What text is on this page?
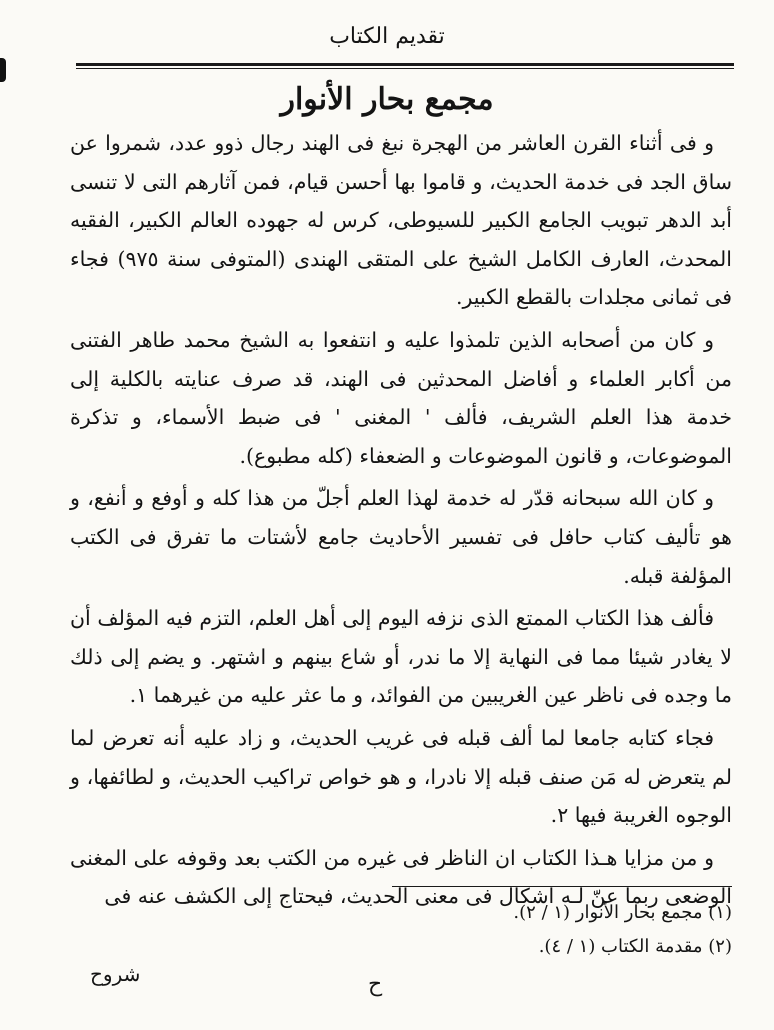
تقديم الكتاب
مجمع بحار الأنوار

و فى أثناء القرن العاشر من الهجرة نبغ فى الهند رجال ذوو عدد، شمروا عن ساق الجد فى خدمة الحديث، و قاموا بها أحسن قيام، فمن آثارهم التى لا تنسى أبد الدهر تبويب الجامع الكبير للسيوطى، كرس له جهوده العالم الكبير، الفقيه المحدث، العارف الكامل الشيخ على المتقى الهندى (المتوفى سنة ٩٧٥) فجاء فى ثمانى مجلدات بالقطع الكبير.

و كان من أصحابه الذين تلمذوا عليه و انتفعوا به الشيخ محمد طاهر الفتنى من أكابر العلماء و أفاضل المحدثين فى الهند، قد صرف عنايته بالكلية إلى خدمة هذا العلم الشريف، فألف ' المغنى ' فى ضبط الأسماء، و تذكرة الموضوعات، و قانون الموضوعات و الضعفاء (كله مطبوع).

و كان الله سبحانه قدّر له خدمة لهذا العلم أجلّ من هذا كله و أوفع و أنفع، و هو تأليف كتاب حافل فى تفسير الأحاديث جامع لأشتات ما تفرق فى الكتب المؤلفة قبله.

فألف هذا الكتاب الممتع الذى نزفه اليوم إلى أهل العلم، التزم فيه المؤلف أن لا يغادر شيئا مما فى النهاية إلا ما ندر، أو شاع بينهم و اشتهر. و يضم إلى ذلك ما وجده فى ناظر عين الغريبين من الفوائد، و ما عثر عليه من غيرهما ١.

فجاء كتابه جامعا لما ألف قبله فى غريب الحديث، و زاد عليه أنه تعرض لما لم يتعرض له مَن صنف قبله إلا نادرا، و هو خواص تراكيب الحديث، و لطائفها، و الوجوه الغريبة فيها ٢.

و من مزايا هـذا الكتاب ان الناظر فى غيره من الكتب بعد وقوفه على المغنى الوضعى ربما عنّ لـه اشكال فى معنى الحديث، فيحتاج إلى الكشف عنه فى

(١) مجمع بحار الأنوار (١ / ٢).

(٢) مقدمة الكتاب (١ / ٤).

ح
شروح
